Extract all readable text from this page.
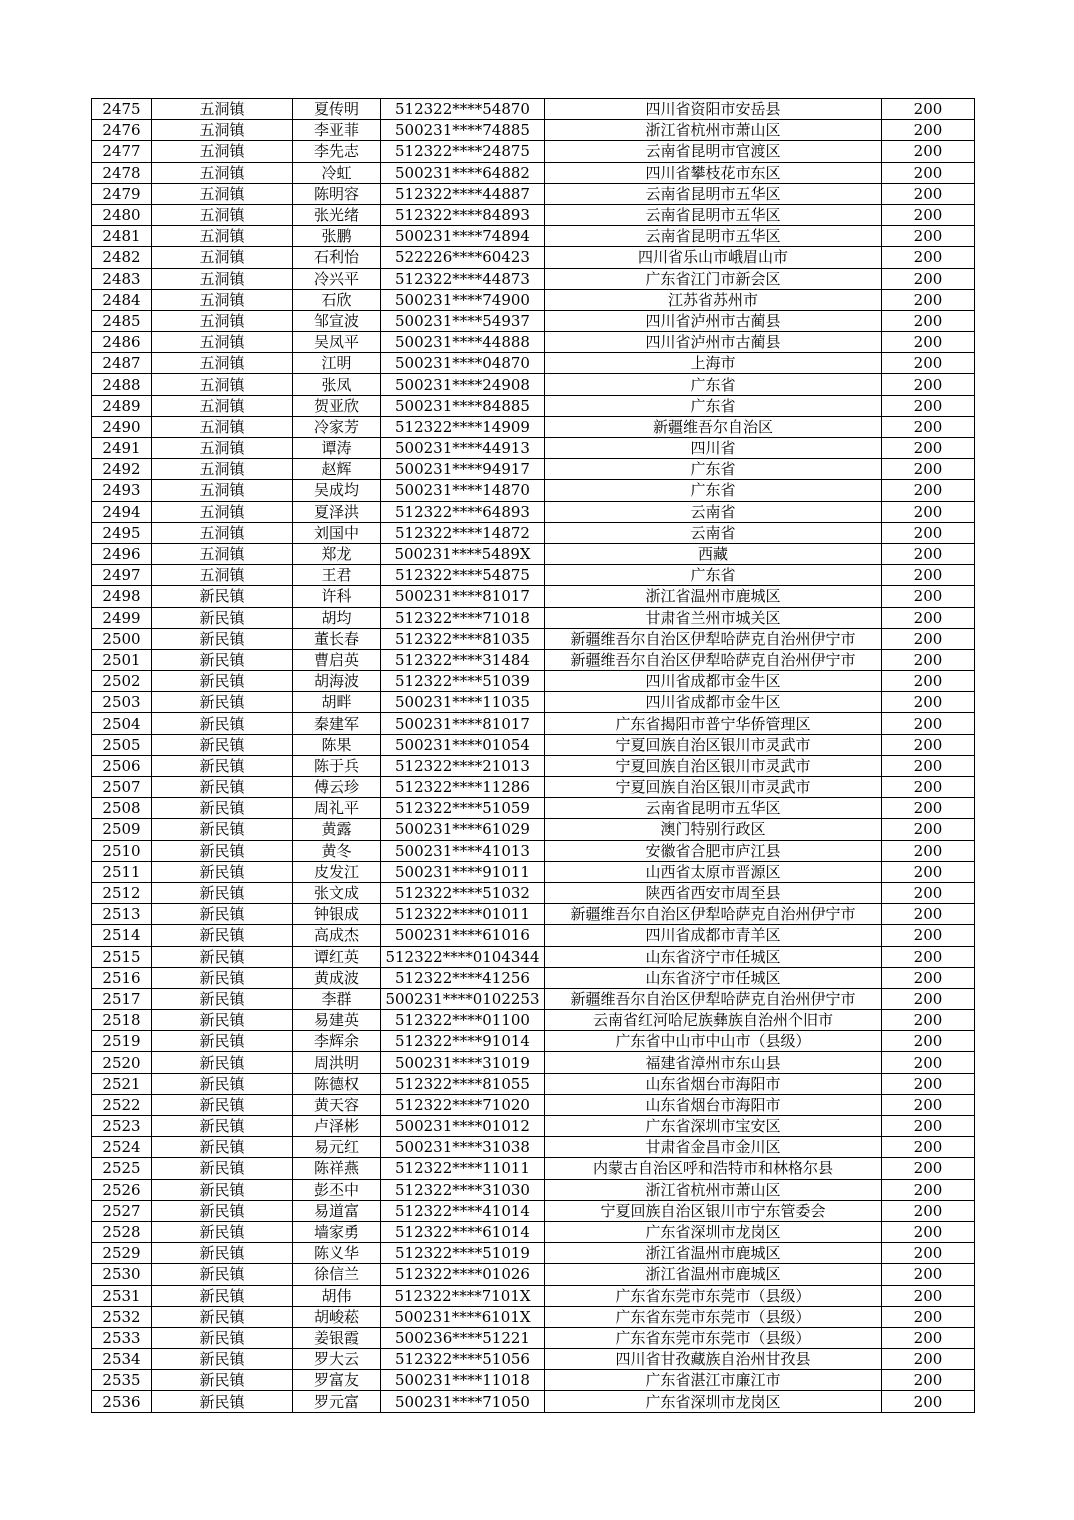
2475	五洞镇	夏传明	512322****54870	四川省资阳市安岳县	200
2476	五洞镇	李亚菲	500231****74885	浙江省杭州市萧山区	200
2477	五洞镇	李先志	512322****24875	云南省昆明市官渡区	200
2478	五洞镇	冷虹	500231****64882	四川省攀枝花市东区	200
2479	五洞镇	陈明容	512322****44887	云南省昆明市五华区	200
2480	五洞镇	张光绪	512322****84893	云南省昆明市五华区	200
2481	五洞镇	张鹏	500231****74894	云南省昆明市五华区	200
2482	五洞镇	石利怡	522226****60423	四川省乐山市峨眉山市	200
2483	五洞镇	冷兴平	512322****44873	广东省江门市新会区	200
2484	五洞镇	石欣	500231****74900	江苏省苏州市	200
2485	五洞镇	邹宣波	500231****54937	四川省泸州市古蔺县	200
2486	五洞镇	吴凤平	500231****44888	四川省泸州市古蔺县	200
2487	五洞镇	江明	500231****04870	上海市	200
2488	五洞镇	张凤	500231****24908	广东省	200
2489	五洞镇	贺亚欣	500231****84885	广东省	200
2490	五洞镇	冷家芳	512322****14909	新疆维吾尔自治区	200
2491	五洞镇	谭涛	500231****44913	四川省	200
2492	五洞镇	赵辉	500231****94917	广东省	200
2493	五洞镇	吴成均	500231****14870	广东省	200
2494	五洞镇	夏泽洪	512322****64893	云南省	200
2495	五洞镇	刘国中	512322****14872	云南省	200
2496	五洞镇	郑龙	500231****5489X	西藏	200
2497	五洞镇	王君	512322****54875	广东省	200
2498	新民镇	许科	500231****81017	浙江省温州市鹿城区	200
2499	新民镇	胡均	512322****71018	甘肃省兰州市城关区	200
2500	新民镇	董长春	512322****81035	新疆维吾尔自治区伊犁哈萨克自治州伊宁市	200
2501	新民镇	曹启英	512322****31484	新疆维吾尔自治区伊犁哈萨克自治州伊宁市	200
2502	新民镇	胡海波	512322****51039	四川省成都市金牛区	200
2503	新民镇	胡畔	500231****11035	四川省成都市金牛区	200
2504	新民镇	秦建军	500231****81017	广东省揭阳市普宁华侨管理区	200
2505	新民镇	陈果	500231****01054	宁夏回族自治区银川市灵武市	200
2506	新民镇	陈于兵	512322****21013	宁夏回族自治区银川市灵武市	200
2507	新民镇	傅云珍	512322****11286	宁夏回族自治区银川市灵武市	200
2508	新民镇	周礼平	512322****51059	云南省昆明市五华区	200
2509	新民镇	黄露	500231****61029	澳门特别行政区	200
2510	新民镇	黄冬	500231****41013	安徽省合肥市庐江县	200
2511	新民镇	皮发江	500231****91011	山西省太原市晋源区	200
2512	新民镇	张文成	512322****51032	陕西省西安市周至县	200
2513	新民镇	钟银成	512322****01011	新疆维吾尔自治区伊犁哈萨克自治州伊宁市	200
2514	新民镇	高成杰	500231****61016	四川省成都市青羊区	200
2515	新民镇	谭红英	512322****0104344	山东省济宁市任城区	200
2516	新民镇	黄成波	512322****41256	山东省济宁市任城区	200
2517	新民镇	李群	500231****0102253	新疆维吾尔自治区伊犁哈萨克自治州伊宁市	200
2518	新民镇	易建英	512322****01100	云南省红河哈尼族彝族自治州个旧市	200
2519	新民镇	李辉余	512322****91014	广东省中山市中山市（县级）	200
2520	新民镇	周洪明	500231****31019	福建省漳州市东山县	200
2521	新民镇	陈德权	512322****81055	山东省烟台市海阳市	200
2522	新民镇	黄天容	512322****71020	山东省烟台市海阳市	200
2523	新民镇	卢泽彬	500231****01012	广东省深圳市宝安区	200
2524	新民镇	易元红	500231****31038	甘肃省金昌市金川区	200
2525	新民镇	陈祥燕	512322****11011	内蒙古自治区呼和浩特市和林格尔县	200
2526	新民镇	彭丕中	512322****31030	浙江省杭州市萧山区	200
2527	新民镇	易道富	512322****41014	宁夏回族自治区银川市宁东管委会	200
2528	新民镇	墙家勇	512322****61014	广东省深圳市龙岗区	200
2529	新民镇	陈义华	512322****51019	浙江省温州市鹿城区	200
2530	新民镇	徐信兰	512322****01026	浙江省温州市鹿城区	200
2531	新民镇	胡伟	512322****7101X	广东省东莞市东莞市（县级）	200
2532	新民镇	胡峻菘	500231****6101X	广东省东莞市东莞市（县级）	200
2533	新民镇	姜银霞	500236****51221	广东省东莞市东莞市（县级）	200
2534	新民镇	罗大云	512322****51056	四川省甘孜藏族自治州甘孜县	200
2535	新民镇	罗富友	500231****11018	广东省湛江市廉江市	200
2536	新民镇	罗元富	500231****71050	广东省深圳市龙岗区	200
